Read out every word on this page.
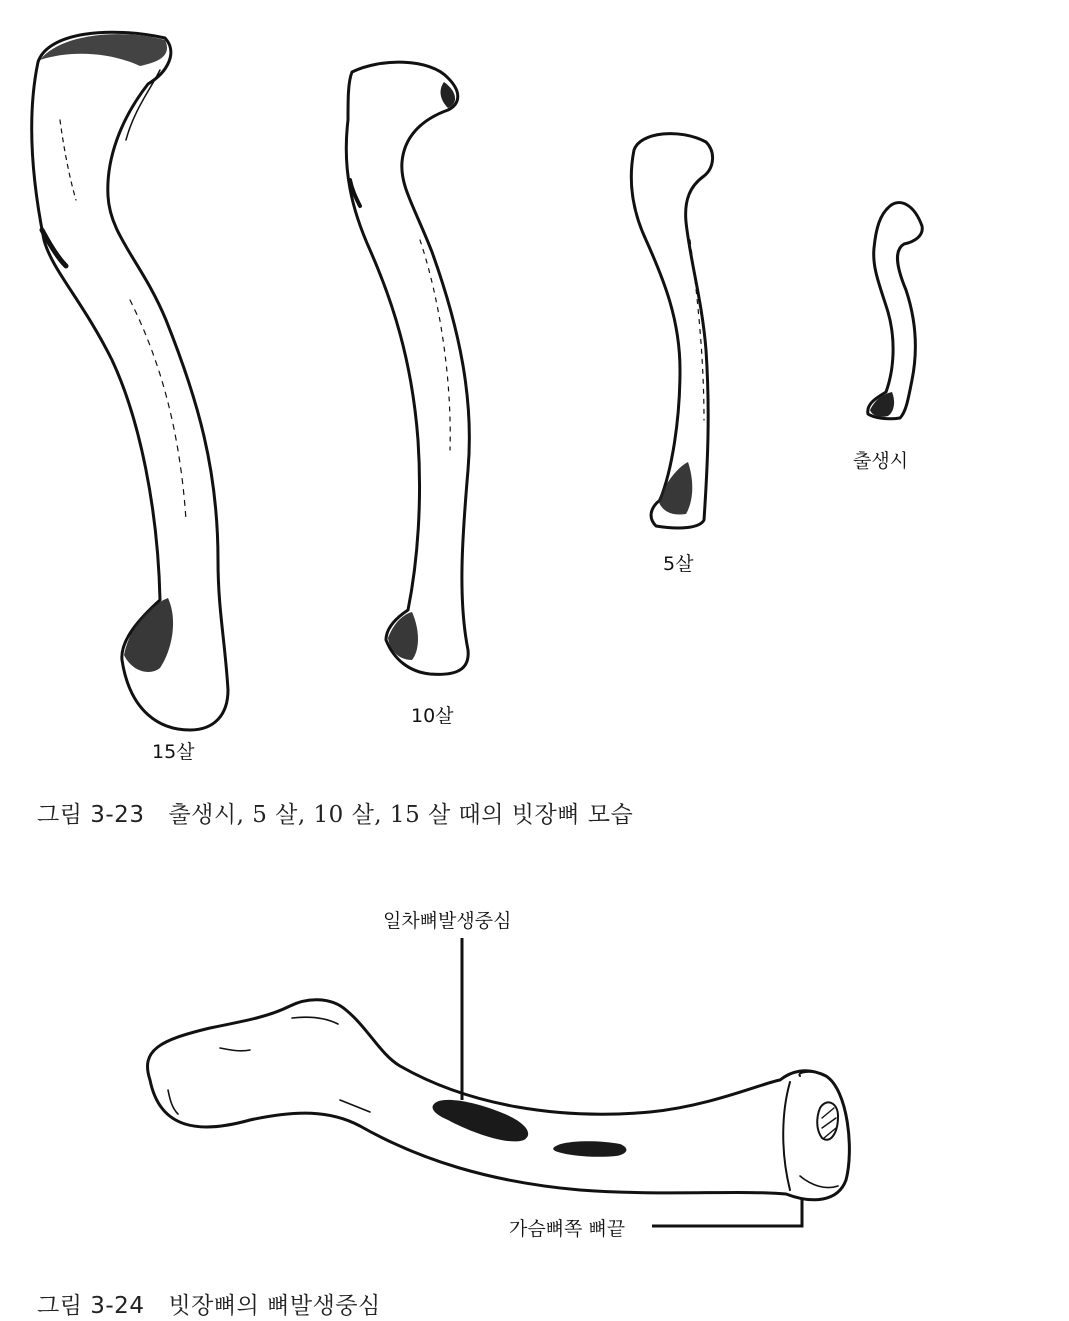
15살
10살
5살
출생시
그림 3-23 출생시, 5 살, 10 살, 15 살 때의 빗장뼈 모습
일차뼈발생중심
가슴뼈쪽 뼈끝
그림 3-24 빗장뼈의 뼈발생중심
